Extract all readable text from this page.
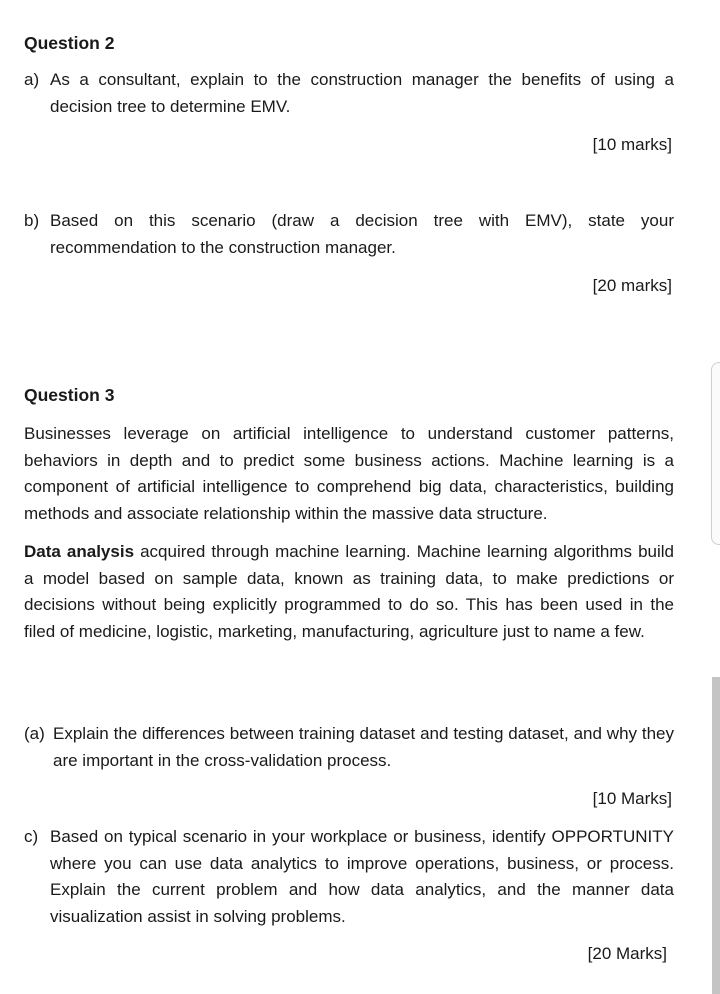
Question 2
a) As a consultant, explain to the construction manager the benefits of using a decision tree to determine EMV.
[10 marks]
b) Based on this scenario (draw a decision tree with EMV), state your recommendation to the construction manager.
[20 marks]
Question 3
Businesses leverage on artificial intelligence to understand customer patterns, behaviors in depth and to predict some business actions. Machine learning is a component of artificial intelligence to comprehend big data, characteristics, building methods and associate relationship within the massive data structure.
Data analysis acquired through machine learning. Machine learning algorithms build a model based on sample data, known as training data, to make predictions or decisions without being explicitly programmed to do so. This has been used in the filed of medicine, logistic, marketing, manufacturing, agriculture just to name a few.
(a) Explain the differences between training dataset and testing dataset, and why they are important in the cross-validation process.
[10 Marks]
c) Based on typical scenario in your workplace or business, identify OPPORTUNITY where you can use data analytics to improve operations, business, or process. Explain the current problem and how data analytics, and the manner data visualization assist in solving problems.
[20 Marks]
